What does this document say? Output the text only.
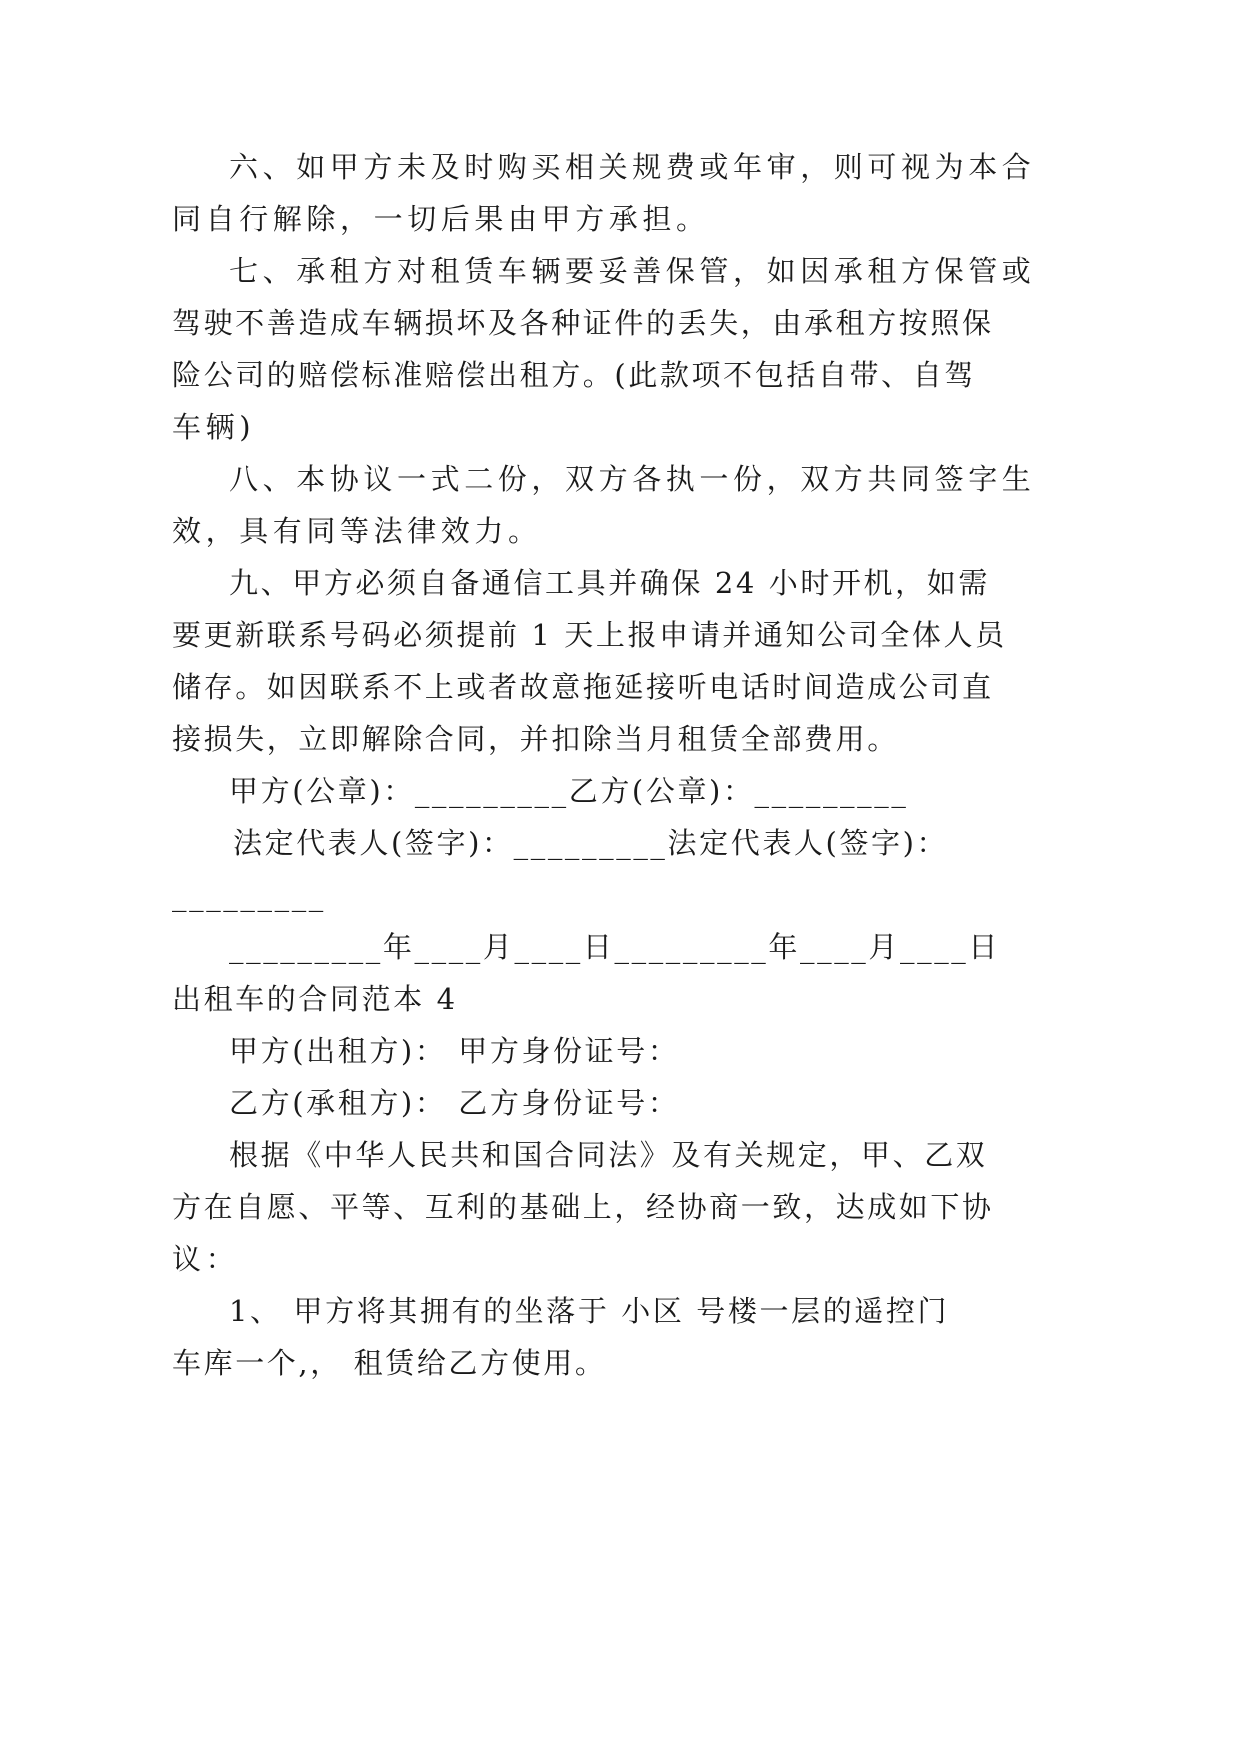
六、如甲方未及时购买相关规费或年审，则可视为本合

同自行解除，一切后果由甲方承担。

七、承租方对租赁车辆要妥善保管，如因承租方保管或

驾驶不善造成车辆损坏及各种证件的丢失，由承租方按照保

险公司的赔偿标准赔偿出租方。(此款项不包括自带、自驾

车辆)

八、本协议一式二份，双方各执一份，双方共同签字生

效，具有同等法律效力。

九、甲方必须自备通信工具并确保 24 小时开机，如需

要更新联系号码必须提前 1 天上报申请并通知公司全体人员

储存。如因联系不上或者故意拖延接听电话时间造成公司直

接损失，立即解除合同，并扣除当月租赁全部费用。

甲方(公章)：_________乙方(公章)：_________

法定代表人(签字)：_________法定代表人(签字)：

_________

_________年____月____日_________年____月____日

出租车的合同范本 4

甲方(出租方)： 甲方身份证号：

乙方(承租方)： 乙方身份证号：

根据《中华人民共和国合同法》及有关规定，甲、乙双

方在自愿、平等、互利的基础上，经协商一致，达成如下协

议：

1、 甲方将其拥有的坐落于 小区 号楼一层的遥控门

车库一个,， 租赁给乙方使用。
